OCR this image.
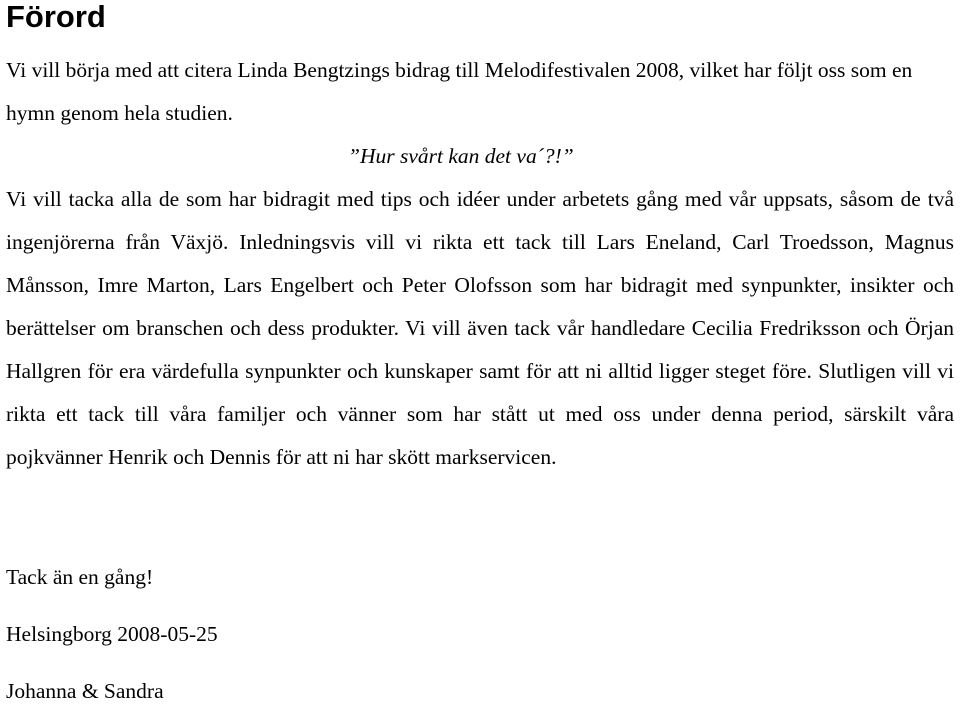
Förord

Vi vill börja med att citera Linda Bengtzings bidrag till Melodifestivalen 2008, vilket har följt oss som en hymn genom hela studien.

”Hur svårt kan det va´?!”

Vi vill tacka alla de som har bidragit med tips och idéer under arbetets gång med vår uppsats, såsom de två ingenjörerna från Växjö. Inledningsvis vill vi rikta ett tack till Lars Eneland, Carl Troedsson, Magnus Månsson, Imre Marton, Lars Engelbert och Peter Olofsson som har bidragit med synpunkter, insikter och berättelser om branschen och dess produkter. Vi vill även tack vår handledare Cecilia Fredriksson och Örjan Hallgren för era värdefulla synpunkter och kunskaper samt för att ni alltid ligger steget före. Slutligen vill vi rikta ett tack till våra familjer och vänner som har stått ut med oss under denna period, särskilt våra pojkvänner Henrik och Dennis för att ni har skött markservicen.

Tack än en gång!

Helsingborg 2008-05-25

Johanna & Sandra
